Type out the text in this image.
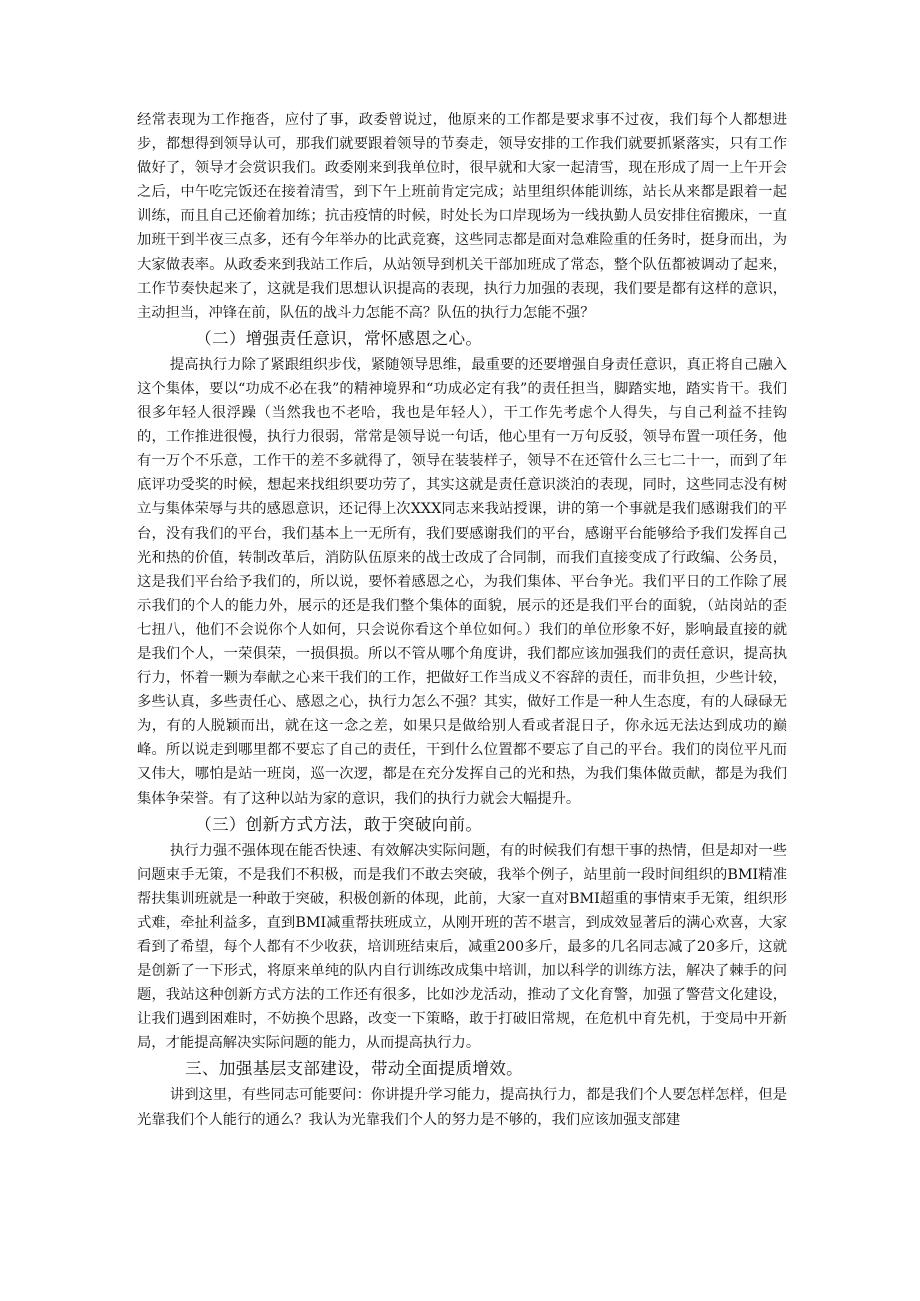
经常表现为工作拖沓，应付了事，政委曾说过，他原来的工作都是要求事不过夜，我们每个人都想进步，都想得到领导认可，那我们就要跟着领导的节奏走，领导安排的工作我们就要抓紧落实，只有工作做好了，领导才会赏识我们。政委刚来到我单位时，很早就和大家一起清雪，现在形成了周一上午开会之后，中午吃完饭还在接着清雪，到下午上班前肯定完成；站里组织体能训练，站长从来都是跟着一起训练，而且自己还偷着加练；抗击疫情的时候，时处长为口岸现场为一线执勤人员安排住宿搬床，一直加班干到半夜三点多，还有今年举办的比武竞赛，这些同志都是面对急难险重的任务时，挺身而出，为大家做表率。从政委来到我站工作后，从站领导到机关干部加班成了常态，整个队伍都被调动了起来，工作节奏快起来了，这就是我们思想认识提高的表现，执行力加强的表现，我们要是都有这样的意识，主动担当，冲锋在前，队伍的战斗力怎能不高？队伍的执行力怎能不强？

（二）增强责任意识，常怀感恩之心。

提高执行力除了紧跟组织步伐，紧随领导思维，最重要的还要增强自身责任意识，真正将自己融入这个集体，要以“功成不必在我”的精神境界和“功成必定有我”的责任担当，脚踏实地，踏实肯干。我们很多年轻人很浮躁（当然我也不老哈，我也是年轻人），干工作先考虑个人得失，与自己利益不挂钩的，工作推进很慢，执行力很弱，常常是领导说一句话，他心里有一万句反驳，领导布置一项任务，他有一万个不乐意，工作干的差不多就得了，领导在装装样子，领导不在还管什么三七二十一，而到了年底评功受奖的时候，想起来找组织要功劳了，其实这就是责任意识淡泊的表现，同时，这些同志没有树立与集体荣辱与共的感恩意识，还记得上次XXX同志来我站授课，讲的第一个事就是我们感谢我们的平台，没有我们的平台，我们基本上一无所有，我们要感谢我们的平台，感谢平台能够给予我们发挥自己光和热的价值，转制改革后，消防队伍原来的战士改成了合同制，而我们直接变成了行政编、公务员，这是我们平台给予我们的，所以说，要怀着感恩之心，为我们集体、平台争光。我们平日的工作除了展示我们的个人的能力外，展示的还是我们整个集体的面貌，展示的还是我们平台的面貌，（站岗站的歪七扭八，他们不会说你个人如何，只会说你看这个单位如何。）我们的单位形象不好，影响最直接的就是我们个人，一荣俱荣，一损俱损。所以不管从哪个角度讲，我们都应该加强我们的责任意识，提高执行力，怀着一颗为奉献之心来干我们的工作，把做好工作当成义不容辞的责任，而非负担，少些计较，多些认真，多些责任心、感恩之心，执行力怎么不强？其实，做好工作是一种人生态度，有的人碌碌无为，有的人脱颖而出，就在这一念之差，如果只是做给别人看或者混日子，你永远无法达到成功的巅峰。所以说走到哪里都不要忘了自己的责任，干到什么位置都不要忘了自己的平台。我们的岗位平凡而又伟大，哪怕是站一班岗，巡一次逻，都是在充分发挥自己的光和热，为我们集体做贡献，都是为我们集体争荣誉。有了这种以站为家的意识，我们的执行力就会大幅提升。

（三）创新方式方法，敢于突破向前。

执行力强不强体现在能否快速、有效解决实际问题，有的时候我们有想干事的热情，但是却对一些问题束手无策，不是我们不积极，而是我们不敢去突破，我举个例子，站里前一段时间组织的BMI精准帮扶集训班就是一种敢于突破，积极创新的体现，此前，大家一直对BMI超重的事情束手无策，组织形式难，牵扯利益多，直到BMI减重帮扶班成立，从刚开班的苦不堪言，到成效显著后的满心欢喜，大家看到了希望，每个人都有不少收获，培训班结束后，减重200多斤，最多的几名同志减了20多斤，这就是创新了一下形式，将原来单纯的队内自行训练改成集中培训，加以科学的训练方法，解决了棘手的问题，我站这种创新方式方法的工作还有很多，比如沙龙活动，推动了文化育警，加强了警营文化建设，让我们遇到困难时，不妨换个思路，改变一下策略，敢于打破旧常规，在危机中育先机，于变局中开新局，才能提高解决实际问题的能力，从而提高执行力。

三、加强基层支部建设，带动全面提质增效。

讲到这里，有些同志可能要问：你讲提升学习能力，提高执行力，都是我们个人要怎样怎样，但是光靠我们个人能行的通么？我认为光靠我们个人的努力是不够的，我们应该加强支部建
